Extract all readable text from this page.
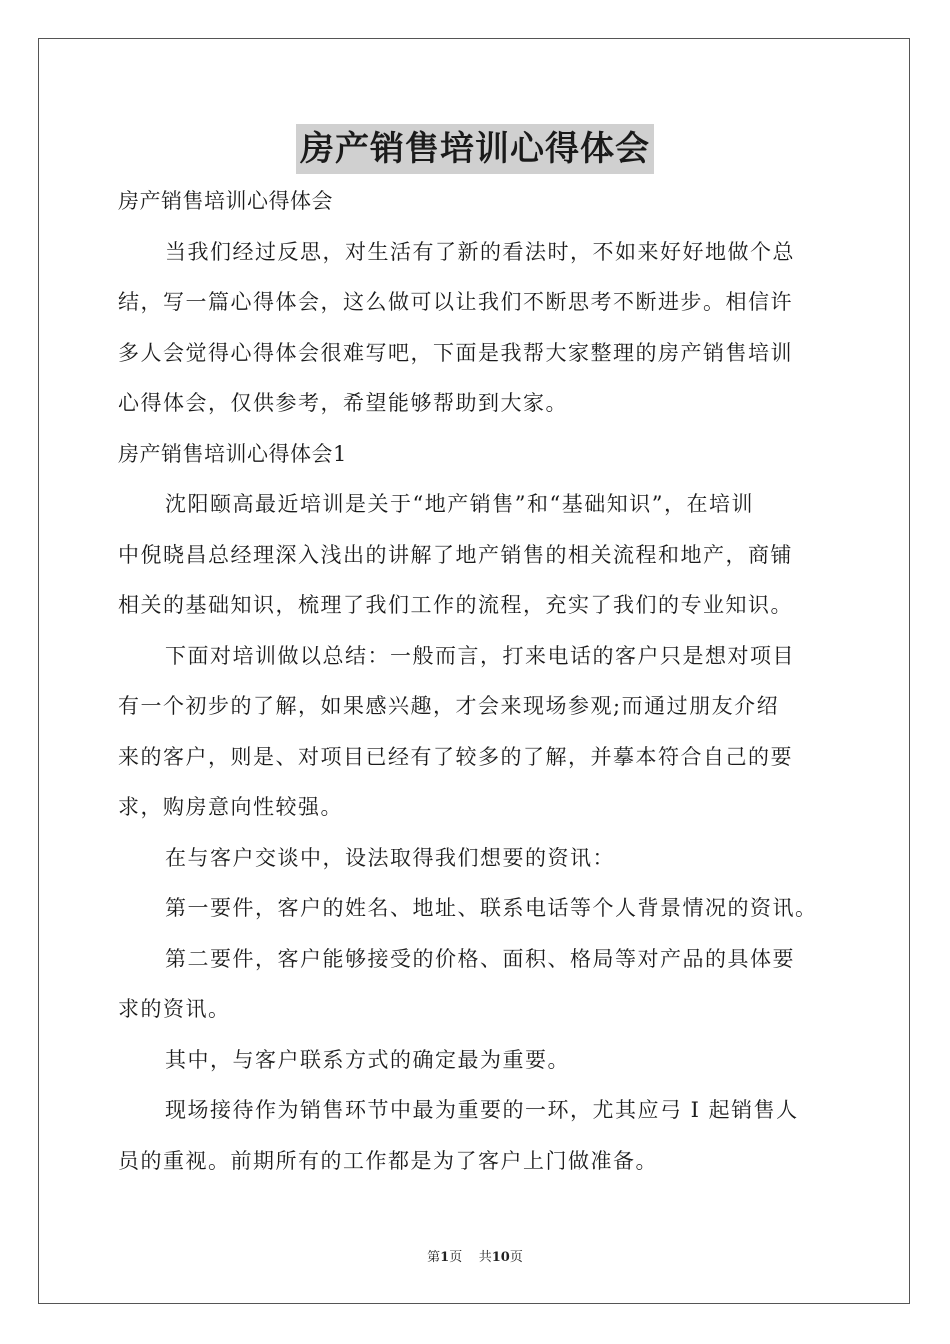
房产销售培训心得体会
房产销售培训心得体会
当我们经过反思，对生活有了新的看法时，不如来好好地做个总
结，写一篇心得体会，这么做可以让我们不断思考不断进步。相信许
多人会觉得心得体会很难写吧，下面是我帮大家整理的房产销售培训
心得体会，仅供参考，希望能够帮助到大家。
房产销售培训心得体会1
沈阳颐高最近培训是关于“地产销售”和“基础知识”，在培训
中倪晓昌总经理深入浅出的讲解了地产销售的相关流程和地产，商铺
相关的基础知识，梳理了我们工作的流程，充实了我们的专业知识。
下面对培训做以总结：一般而言，打来电话的客户只是想对项目
有一个初步的了解，如果感兴趣，才会来现场参观;而通过朋友介绍
来的客户，则是、对项目已经有了较多的了解，并摹本符合自己的要
求，购房意向性较强。
在与客户交谈中，设法取得我们想要的资讯：
第一要件，客户的姓名、地址、联系电话等个人背景情况的资讯。
第二要件，客户能够接受的价格、面积、格局等对产品的具体要
求的资讯。
其中，与客户联系方式的确定最为重要。
现场接待作为销售环节中最为重要的一环，尤其应弓 I 起销售人
员的重视。前期所有的工作都是为了客户上门做准备。
第1页 共10页
